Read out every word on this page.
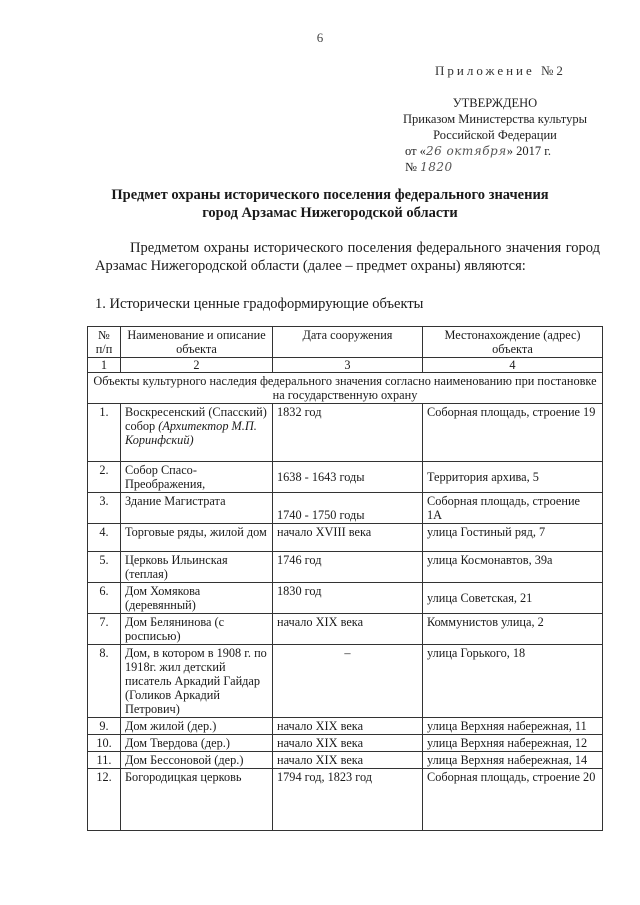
6
Приложение №2
УТВЕРЖДЕНО
Приказом Министерства культуры
Российской Федерации
от «26 октября» 2017 г.
№ 1820
Предмет охраны исторического поселения федерального значения
город Арзамас Нижегородской области
Предметом охраны исторического поселения федерального значения город Арзамас Нижегородской области (далее – предмет охраны) являются:
1. Исторически ценные градоформирующие объекты
№ п/п	Наименование и описание объекта	Дата сооружения	Местонахождение (адрес) объекта
1	2	3	4
Объекты культурного наследия федерального значения согласно наименованию при постановке на государственную охрану			
1.	Воскресенский (Спасский) собор (Архитектор М.П. Коринфский)	1832 год	Соборная площадь, строение 19
2.	Собор Спасо-Преображения,	1638 - 1643 годы	Территория архива, 5
3.	Здание Магистрата	1740 - 1750 годы	Соборная площадь, строение 1А
4.	Торговые ряды, жилой дом	начало XVIII века	улица Гостиный ряд, 7
5.	Церковь Ильинская (теплая)	1746 год	улица Космонавтов, 39а
6.	Дом Хомякова (деревянный)	1830 год	улица Советская, 21
7.	Дом Белянинова (с росписью)	начало XIX века	Коммунистов улица, 2
8.	Дом, в котором в 1908 г. по 1918г. жил детский писатель Аркадий Гайдар (Голиков Аркадий Петрович)	–	улица Горького, 18
9.	Дом жилой (дер.)	начало XIX века	улица Верхняя набережная, 11
10.	Дом Твердова (дер.)	начало XIX века	улица Верхняя набережная, 12
11.	Дом Бессоновой (дер.)	начало XIX века	улица Верхняя набережная, 14
12.	Богородицкая церковь	1794 год, 1823 год	Соборная площадь, строение 20
